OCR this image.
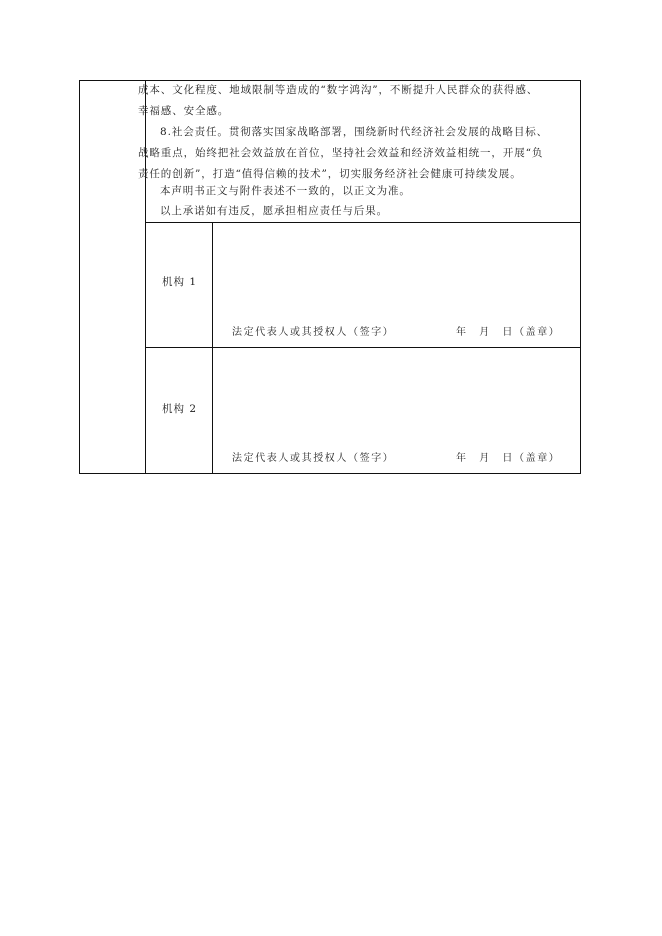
成本、文化程度、地域限制等造成的“数字鸿沟”，不断提升人民群众的获得感、
幸福感、安全感。
8.社会责任。贯彻落实国家战略部署，围绕新时代经济社会发展的战略目标、
战略重点，始终把社会效益放在首位，坚持社会效益和经济效益相统一，开展“负
责任的创新”，打造“值得信赖的技术”，切实服务经济社会健康可持续发展。
本声明书正文与附件表述不一致的，以正文为准。
以上承诺如有违反，愿承担相应责任与后果。
机构 1
法定代表人或其授权人（签字）	年　月　日（盖章）
机构 2
法定代表人或其授权人（签字）	年　月　日（盖章）
